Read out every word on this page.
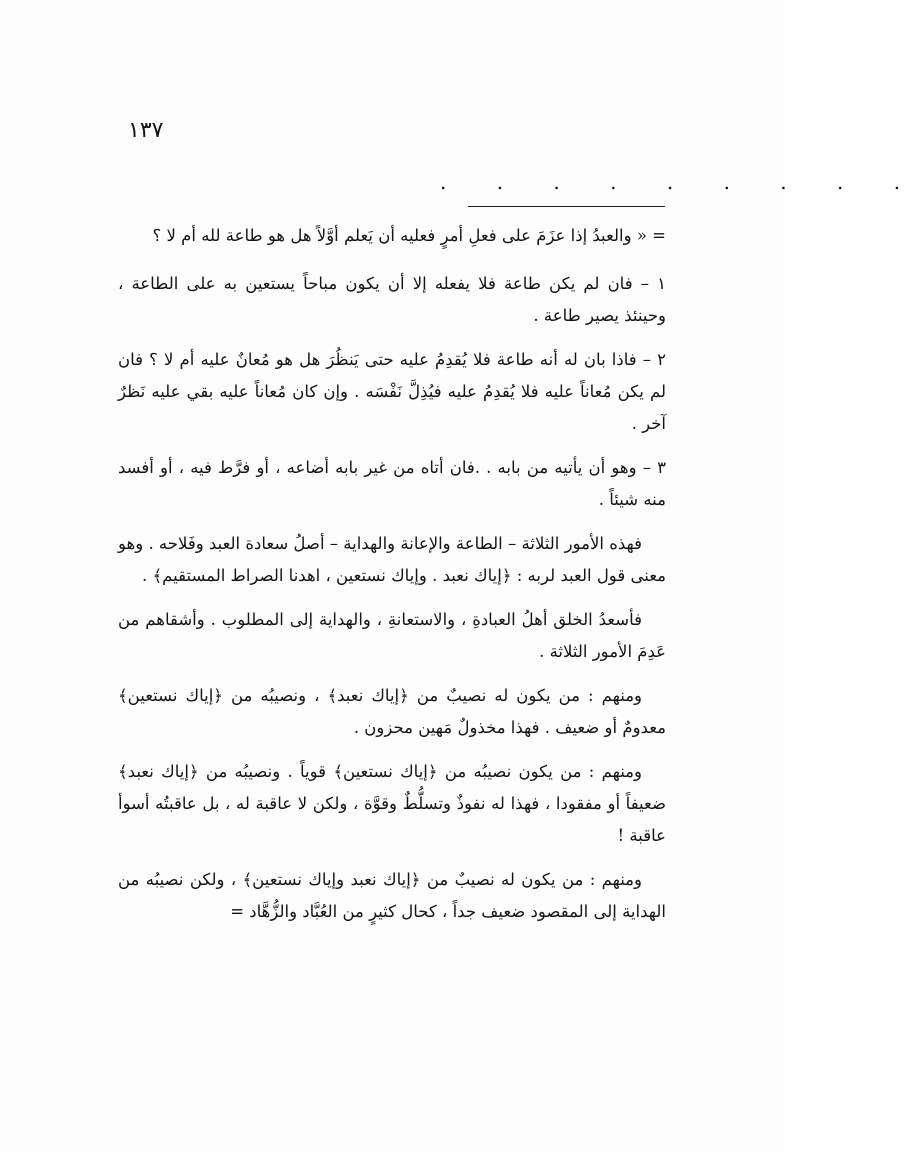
١٣٧
. . . . . . . . .

= « والعبدُ إذا عزَمَ على فعلِ أمرٍ فعليه أن يَعلم أوَّلاً هل هو طاعة لله أم لا ؟

١ – فان لم يكن طاعة فلا يفعله إلا أن يكون مباحاً يستعين به على الطاعة ، وحينئذ يصير طاعة .

٢ – فاذا بان له أنه طاعة فلا يُقدِمُ عليه حتى يَنظُرَ هل هو مُعانٌ عليه أم لا ؟ فان لم يكن مُعاناً عليه فلا يُقدِمُ عليه فيُذِلَّ نَفْسَه . وإن كان مُعاناً عليه بقي عليه نَظرٌ آخر .

٣ – وهو أن يأتيه من بابه . .فان أتاه من غير بابه أضاعه ، أو فرَّط فيه ، أو أفسد منه شيئاً .

فهذه الأمور الثلاثة – الطاعة والإعانة والهداية – أصلُ سعادة العبد وفَلاحه . وهو معنى قول العبد لربه : ﴿إياك نعبد . وإياك نستعين ، اهدنا الصراط المستقيم﴾ .

فأسعدُ الخلق أهلُ العبادةِ ، والاستعانةِ ، والهداية إلى المطلوب . وأشقاهم من عَدِمَ الأمور الثلاثة .

ومنهم : من يكون له نصيبٌ من ﴿إياك نعبد﴾ ، ونصيبُه من ﴿إياك نستعين﴾ معدومٌ أو ضعيف . فهذا مخذولٌ مَهين محزون .

ومنهم : من يكون نصيبُه من ﴿إياك نستعين﴾ قوياً . ونصيبُه من ﴿إياك نعبد﴾ ضعيفاً أو مفقودا ، فهذا له نفوذٌ وتسلُّطٌ وقوَّة ، ولكن لا عاقبة له ، بل عاقبتُه أسوأ عاقبة !

ومنهم : من يكون له نصيبٌ من ﴿إياك نعبد وإياك نستعين﴾ ، ولكن نصيبُه من الهداية إلى المقصود ضعيف جداً ، كحال كثيرٍ من العُبَّاد والزُّهَّاد =
